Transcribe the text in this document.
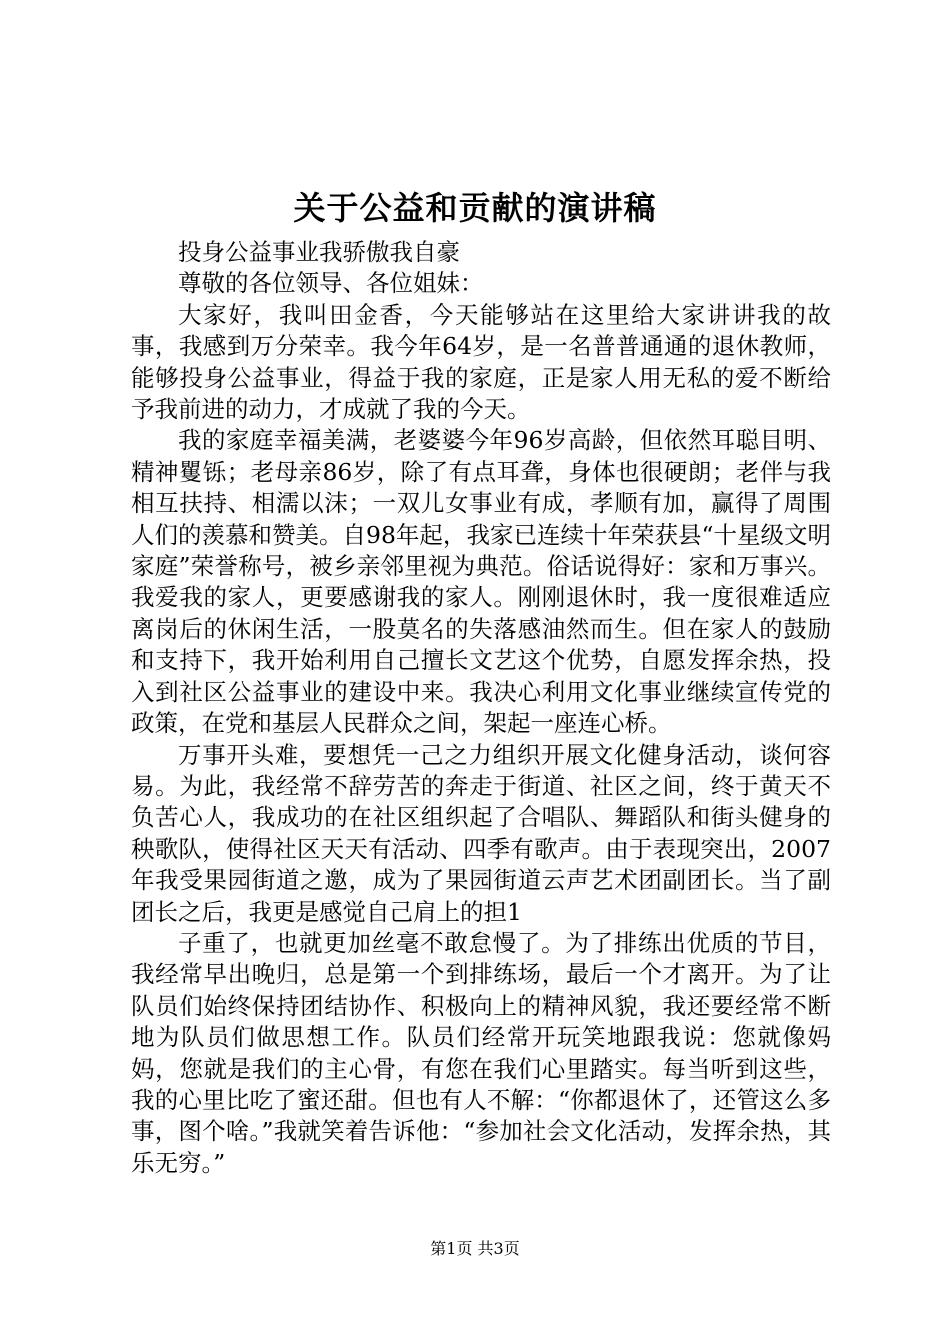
关于公益和贡献的演讲稿

投身公益事业我骄傲我自豪

尊敬的各位领导、各位姐妹：

大家好，我叫田金香，今天能够站在这里给大家讲讲我的故事，我感到万分荣幸。我今年64岁，是一名普普通通的退休教师，能够投身公益事业，得益于我的家庭，正是家人用无私的爱不断给予我前进的动力，才成就了我的今天。

我的家庭幸福美满，老婆婆今年96岁高龄，但依然耳聪目明、精神矍铄；老母亲86岁，除了有点耳聋，身体也很硬朗；老伴与我相互扶持、相濡以沫；一双儿女事业有成，孝顺有加，赢得了周围人们的羡慕和赞美。自98年起，我家已连续十年荣获县“十星级文明家庭”荣誉称号，被乡亲邻里视为典范。俗话说得好：家和万事兴。我爱我的家人，更要感谢我的家人。刚刚退休时，我一度很难适应离岗后的休闲生活，一股莫名的失落感油然而生。但在家人的鼓励和支持下，我开始利用自己擅长文艺这个优势，自愿发挥余热，投入到社区公益事业的建设中来。我决心利用文化事业继续宣传党的政策，在党和基层人民群众之间，架起一座连心桥。

万事开头难，要想凭一己之力组织开展文化健身活动，谈何容易。为此，我经常不辞劳苦的奔走于街道、社区之间，终于黄天不负苦心人，我成功的在社区组织起了合唱队、舞蹈队和街头健身的秧歌队，使得社区天天有活动、四季有歌声。由于表现突出，2007年我受果园街道之邀，成为了果园街道云声艺术团副团长。当了副团长之后，我更是感觉自己肩上的担1

子重了，也就更加丝毫不敢怠慢了。为了排练出优质的节目，我经常早出晚归，总是第一个到排练场，最后一个才离开。为了让队员们始终保持团结协作、积极向上的精神风貌，我还要经常不断地为队员们做思想工作。队员们经常开玩笑地跟我说：您就像妈妈，您就是我们的主心骨，有您在我们心里踏实。每当听到这些，我的心里比吃了蜜还甜。但也有人不解：“你都退休了，还管这么多事，图个啥。”我就笑着告诉他：“参加社会文化活动，发挥余热，其乐无穷。”

第1页 共3页
